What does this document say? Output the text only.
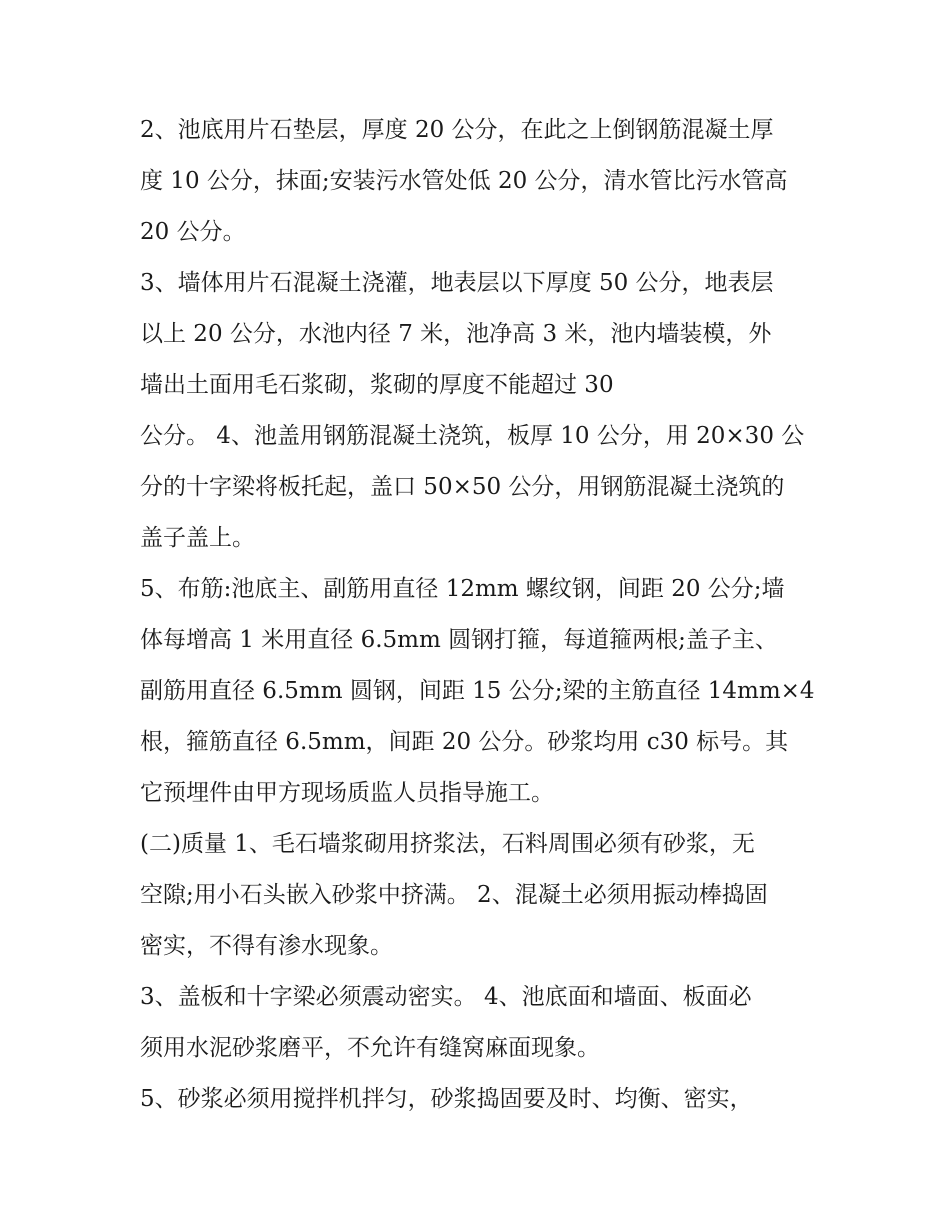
2、池底用片石垫层，厚度 20 公分，在此之上倒钢筋混凝土厚
度 10 公分，抹面;安装污水管处低 20 公分，清水管比污水管高
20 公分。
3、墙体用片石混凝土浇灌，地表层以下厚度 50 公分，地表层
以上 20 公分，水池内径 7 米，池净高 3 米，池内墙装模，外
墙出土面用毛石浆砌，浆砌的厚度不能超过 30
公分。 4、池盖用钢筋混凝土浇筑，板厚 10 公分，用 20×30 公
分的十字梁将板托起，盖口 50×50 公分，用钢筋混凝土浇筑的
盖子盖上。
5、布筋:池底主、副筋用直径 12mm 螺纹钢，间距 20 公分;墙
体每增高 1 米用直径 6.5mm 圆钢打箍，每道箍两根;盖子主、
副筋用直径 6.5mm 圆钢，间距 15 公分;梁的主筋直径 14mm×4
根，箍筋直径 6.5mm，间距 20 公分。砂浆均用 c30 标号。其
它预埋件由甲方现场质监人员指导施工。
(二)质量 1、毛石墙浆砌用挤浆法，石料周围必须有砂浆，无
空隙;用小石头嵌入砂浆中挤满。 2、混凝土必须用振动棒捣固
密实，不得有渗水现象。
3、盖板和十字梁必须震动密实。 4、池底面和墙面、板面必
须用水泥砂浆磨平，不允许有缝窝麻面现象。
5、砂浆必须用搅拌机拌匀，砂浆捣固要及时、均衡、密实，
